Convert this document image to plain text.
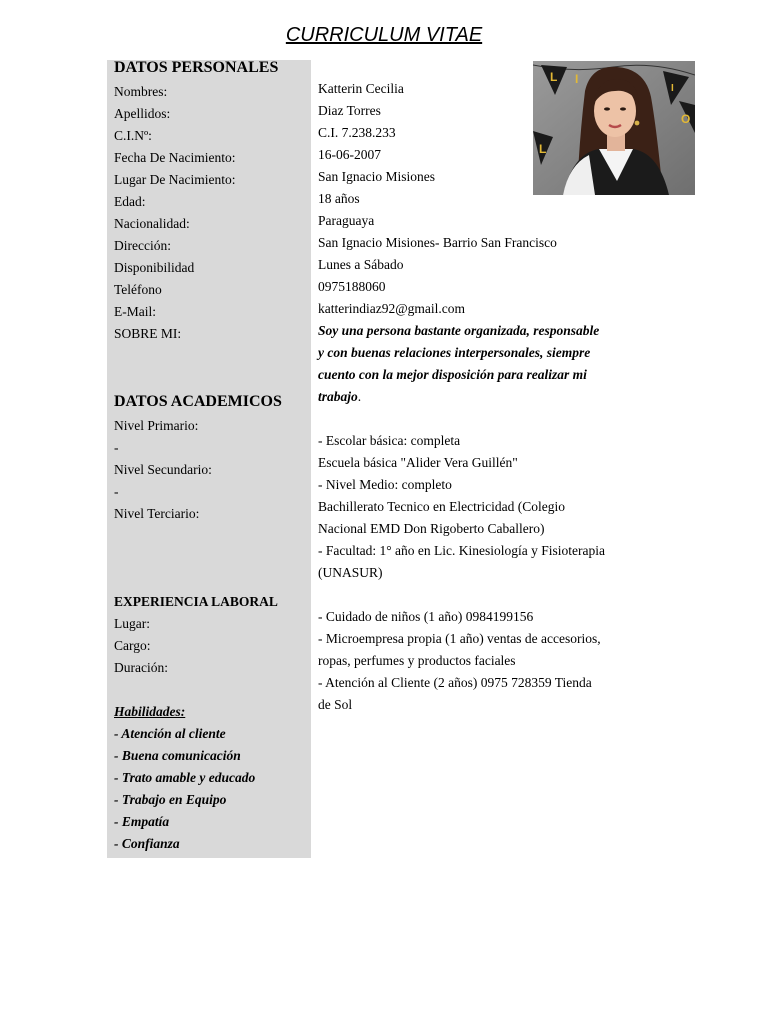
CURRICULUM VITAE
L I
O
L
I
DATOS PERSONALES
Nombres:
Apellidos:
C.I.Nº:
Fecha De Nacimiento:
Lugar De Nacimiento:
Edad:
Nacionalidad:
Dirección:
Disponibilidad
Teléfono
E-Mail:
SOBRE MI:
Katterin Cecilia
Diaz Torres
C.I. 7.238.233
16-06-2007
San Ignacio Misiones
18 años
Paraguaya
San Ignacio Misiones- Barrio San Francisco
Lunes a Sábado
0975188060
katterindiaz92@gmail.com
Soy una persona bastante organizada, responsable
y con buenas relaciones interpersonales, siempre
cuento con la mejor disposición para realizar mi
trabajo.
DATOS ACADEMICOS
Nivel Primario:
-
Nivel Secundario:
-
Nivel Terciario:
- Escolar básica: completa
Escuela básica "Alider Vera Guillén"
- Nivel Medio: completo
Bachillerato Tecnico en Electricidad (Colegio
Nacional EMD Don Rigoberto Caballero)
- Facultad: 1° año en Lic. Kinesiología y Fisioterapia
(UNASUR)
EXPERIENCIA LABORAL
Lugar:
Cargo:
Duración:
- Cuidado de niños (1 año) 0984199156
- Microempresa propia (1 año) ventas de accesorios,
ropas, perfumes y productos faciales
- Atención al Cliente (2 años) 0975 728359 Tienda
de Sol
Habilidades:
- Atención al cliente
- Buena comunicación
- Trato amable y educado
- Trabajo en Equipo
- Empatía
- Confianza
